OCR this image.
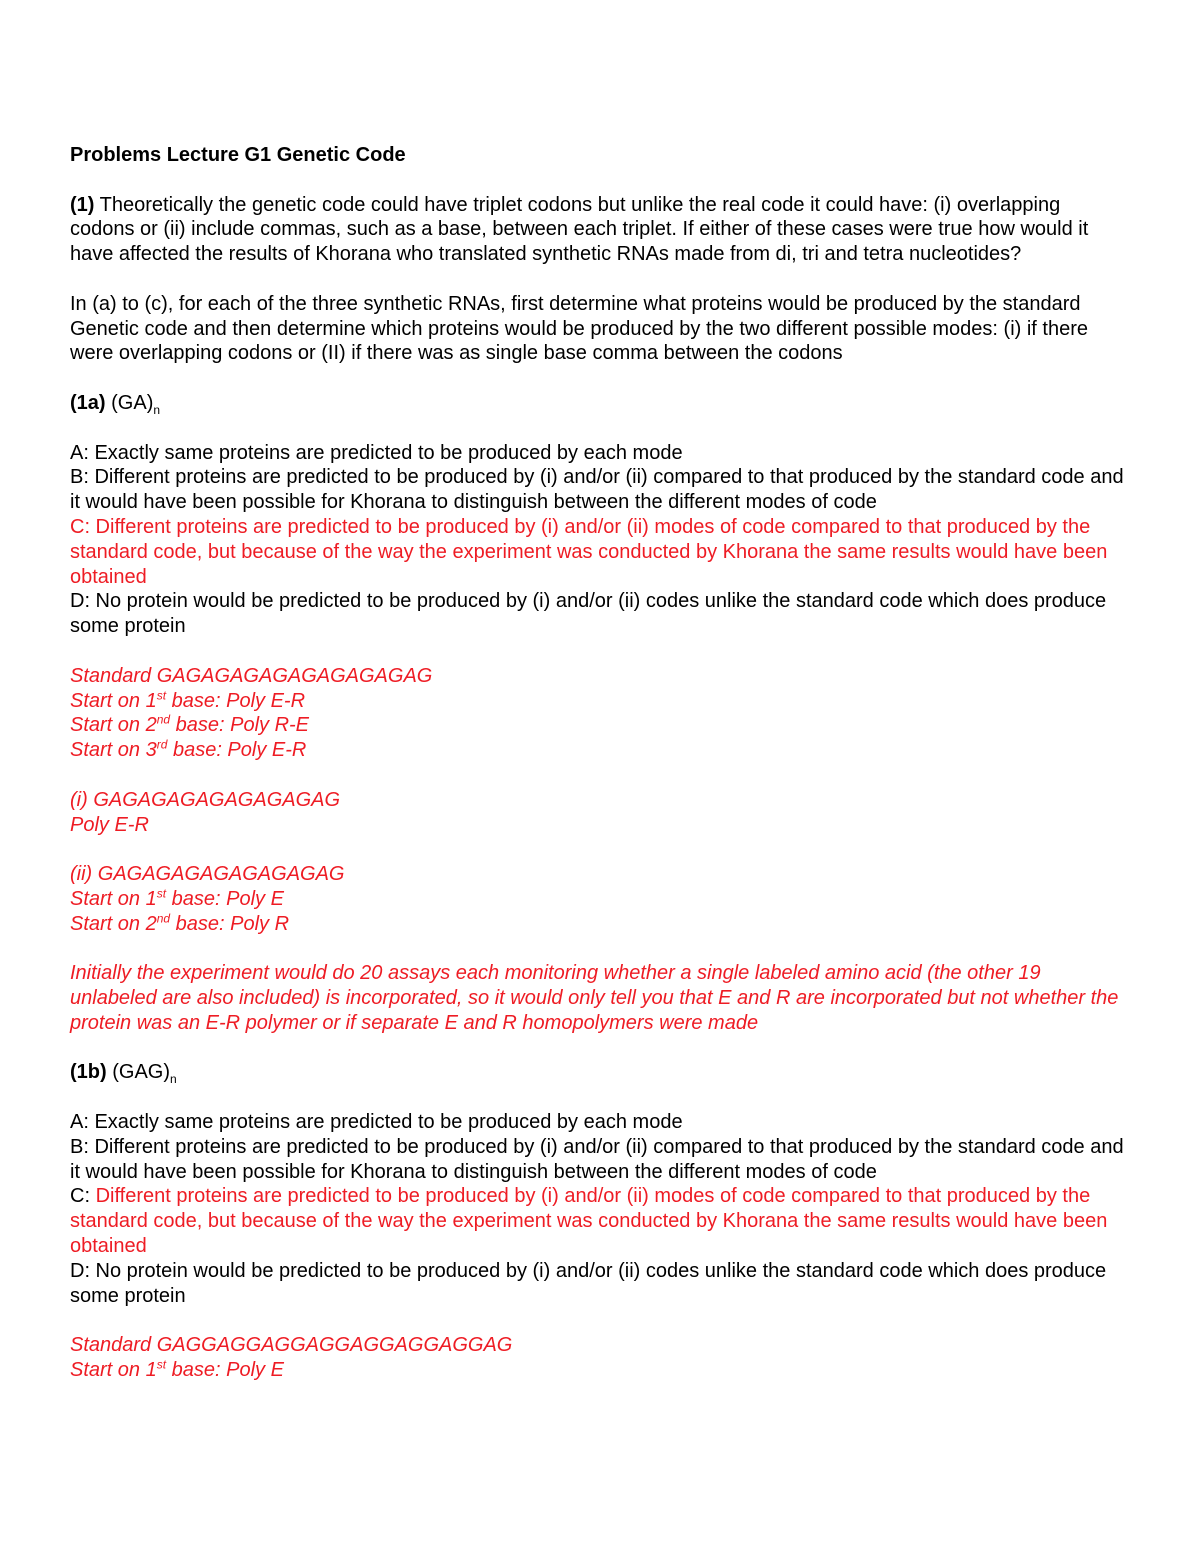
Problems Lecture G1 Genetic Code

(1) Theoretically the genetic code could have triplet codons but unlike the real code it could have: (i) overlapping codons or (ii) include commas, such as a base, between each triplet. If either of these cases were true how would it have affected the results of Khorana who translated synthetic RNAs made from di, tri and tetra nucleotides?

In (a) to (c), for each of the three synthetic RNAs, first determine what proteins would be produced by the standard Genetic code and then determine which proteins would be produced by the two different possible modes: (i) if there were overlapping codons or (II) if there was as single base comma between the codons

(1a) $(GA)_n$

A: Exactly same proteins are predicted to be produced by each mode

B: Different proteins are predicted to be produced by (i) and/or (ii) compared to that produced by the standard code and it would have been possible for Khorana to distinguish between the different modes of code

C: Different proteins are predicted to be produced by (i) and/or (ii) modes of code compared to that produced by the standard code, but because of the way the experiment was conducted by Khorana the same results would have been obtained

D: No protein would be predicted to be produced by (i) and/or (ii) codes unlike the standard code which does produce some protein

Standard GAGAGAGAGAGAGAGAGAG

Start on 1st base: Poly E-R

Start on 2nd base: Poly R-E

Start on 3rd base: Poly E-R

(i) GAGAGAGAGAGAGAGAG

Poly E-R

(ii) GAGAGAGAGAGAGAGAG

Start on 1st base: Poly E

Start on 2nd base: Poly R

Initially the experiment would do 20 assays each monitoring whether a single labeled amino acid (the other 19 unlabeled are also included) is incorporated, so it would only tell you that E and R are incorporated but not whether the protein was an E-R polymer or if separate E and R homopolymers were made

(1b) $(GAG)_n$

A: Exactly same proteins are predicted to be produced by each mode

B: Different proteins are predicted to be produced by (i) and/or (ii) compared to that produced by the standard code and it would have been possible for Khorana to distinguish between the different modes of code

C: Different proteins are predicted to be produced by (i) and/or (ii) modes of code compared to that produced by the standard code, but because of the way the experiment was conducted by Khorana the same results would have been obtained

D: No protein would be predicted to be produced by (i) and/or (ii) codes unlike the standard code which does produce some protein

Standard GAGGAGGAGGAGGAGGAGGAGGAG

Start on 1st base: Poly E
